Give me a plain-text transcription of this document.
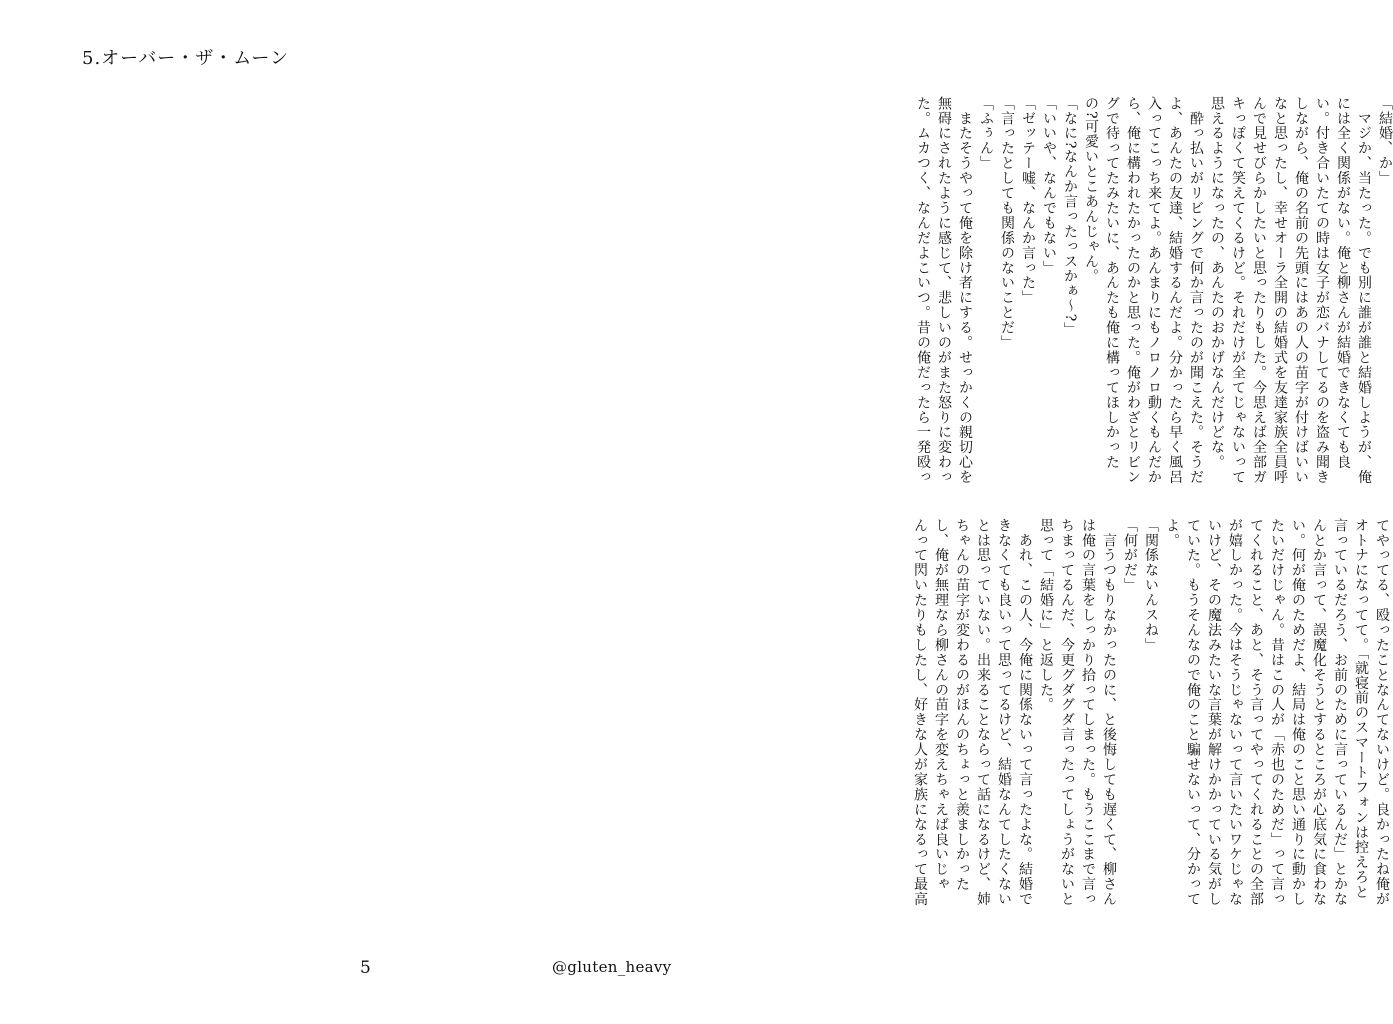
5.オーバー・ザ・ムーン
「結婚、か」
　マジか、当たった。でも別に誰が誰と結婚しようが、俺
には全く関係がない。俺と柳さんが結婚できなくても良
い。付き合いたての時は女子が恋バナしてるのを盗み聞き
しながら、俺の名前の先頭にはあの人の苗字が付けばいい
なと思ったし、幸せオーラ全開の結婚式を友達家族全員呼
んで見せびらかしたいと思ったりもした。今思えば全部ガ
キっぽくて笑えてくるけど。それだけが全てじゃないって
思えるようになったの、あんたのおかげなんだけどな。
　酔っ払いがリビングで何か言ったのが聞こえた。そうだ
よ、あんたの友達、結婚するんだよ。分かったら早く風呂
入ってこっち来てよ。あんまりにもノロノロ動くもんだか
ら、俺に構われたかったのかと思った。俺がわざとリビン
グで待ってたみたいに、あんたも俺に構ってほしかった
の?可愛いとこあんじゃん。
「なに?なんか言ったっスかぁ～?」
「いいや、なんでもない」
「ゼッテー嘘、なんか言った」
「言ったとしても関係のないことだ」
「ふぅん」
　またそうやって俺を除け者にする。せっかくの親切心を
無碍にされたように感じて、悲しいのがまた怒りに変わっ
た。ムカつく、なんだよこいつ。昔の俺だったら一発殴っ
てやってる、殴ったことなんてないけど。良かったね俺が
オトナになってて。「就寝前のスマートフォンは控えろと
言っているだろう、お前のために言っているんだ」とかな
んとか言って、誤魔化そうとするところが心底気に食わな
い。何が俺のためだよ、結局は俺のこと思い通りに動かし
たいだけじゃん。昔はこの人が「赤也のためだ」って言っ
てくれること、あと、そう言ってやってくれることの全部
が嬉しかった。今はそうじゃないって言いたいワケじゃな
いけど、その魔法みたいな言葉が解けかかっている気がし
ていた。もうそんなので俺のこと騙せないって、分かって
よ。
「関係ないんスね」
「何がだ」
　言うつもりなかったのに、と後悔しても遅くて、柳さん
は俺の言葉をしっかり拾ってしまった。もうここまで言っ
ちまってるんだ、今更グダグダ言ったってしょうがないと
思って「結婚に」と返した。
　あれ、この人、今俺に関係ないって言ったよな。結婚で
きなくても良いって思ってるけど、結婚なんてしたくない
とは思っていない。出来ることならって話になるけど、姉
ちゃんの苗字が変わるのがほんのちょっと羨ましかった
し、俺が無理なら柳さんの苗字を変えちゃえば良いじゃ
んって閃いたりもしたし、好きな人が家族になるって最高
5	@gluten_heavy
